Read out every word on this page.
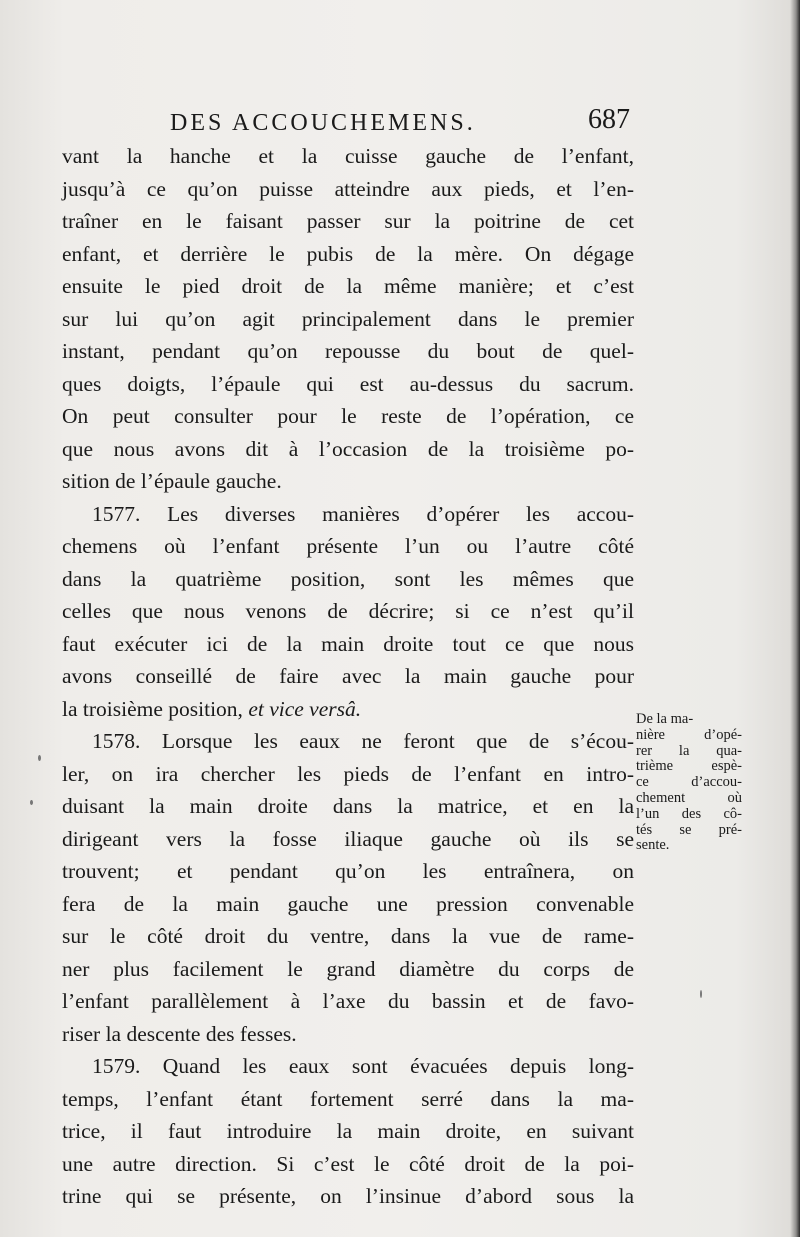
DES ACCOUCHEMENS.	687
vant la hanche et la cuisse gauche de l’enfant,
jusqu’à ce qu’on puisse atteindre aux pieds, et l’en-
traîner en le faisant passer sur la poitrine de cet
enfant, et derrière le pubis de la mère. On dégage
ensuite le pied droit de la même manière; et c’est
sur lui qu’on agit principalement dans le premier
instant, pendant qu’on repousse du bout de quel-
ques doigts, l’épaule qui est au-dessus du sacrum.
On peut consulter pour le reste de l’opération, ce
que nous avons dit à l’occasion de la troisième po-
sition de l’épaule gauche.
1577. Les diverses manières d’opérer les accou-
chemens où l’enfant présente l’un ou l’autre côté
dans la quatrième position, sont les mêmes que
celles que nous venons de décrire; si ce n’est qu’il
faut exécuter ici de la main droite tout ce que nous
avons conseillé de faire avec la main gauche pour
la troisième position, et vice versâ.
1578. Lorsque les eaux ne feront que de s’écou-
ler, on ira chercher les pieds de l’enfant en intro-
duisant la main droite dans la matrice, et en la
dirigeant vers la fosse iliaque gauche où ils se
trouvent; et pendant qu’on les entraînera, on
fera de la main gauche une pression convenable
sur le côté droit du ventre, dans la vue de rame-
ner plus facilement le grand diamètre du corps de
l’enfant parallèlement à l’axe du bassin et de favo-
riser la descente des fesses.
1579. Quand les eaux sont évacuées depuis long-
temps, l’enfant étant fortement serré dans la ma-
trice, il faut introduire la main droite, en suivant
une autre direction. Si c’est le côté droit de la poi-
trine qui se présente, on l’insinue d’abord sous la
De la ma-
nière d’opé-
rer la qua-
trième espè-
ce d’accou-
chement où
l’un des cô-
tés se pré-
sente.
